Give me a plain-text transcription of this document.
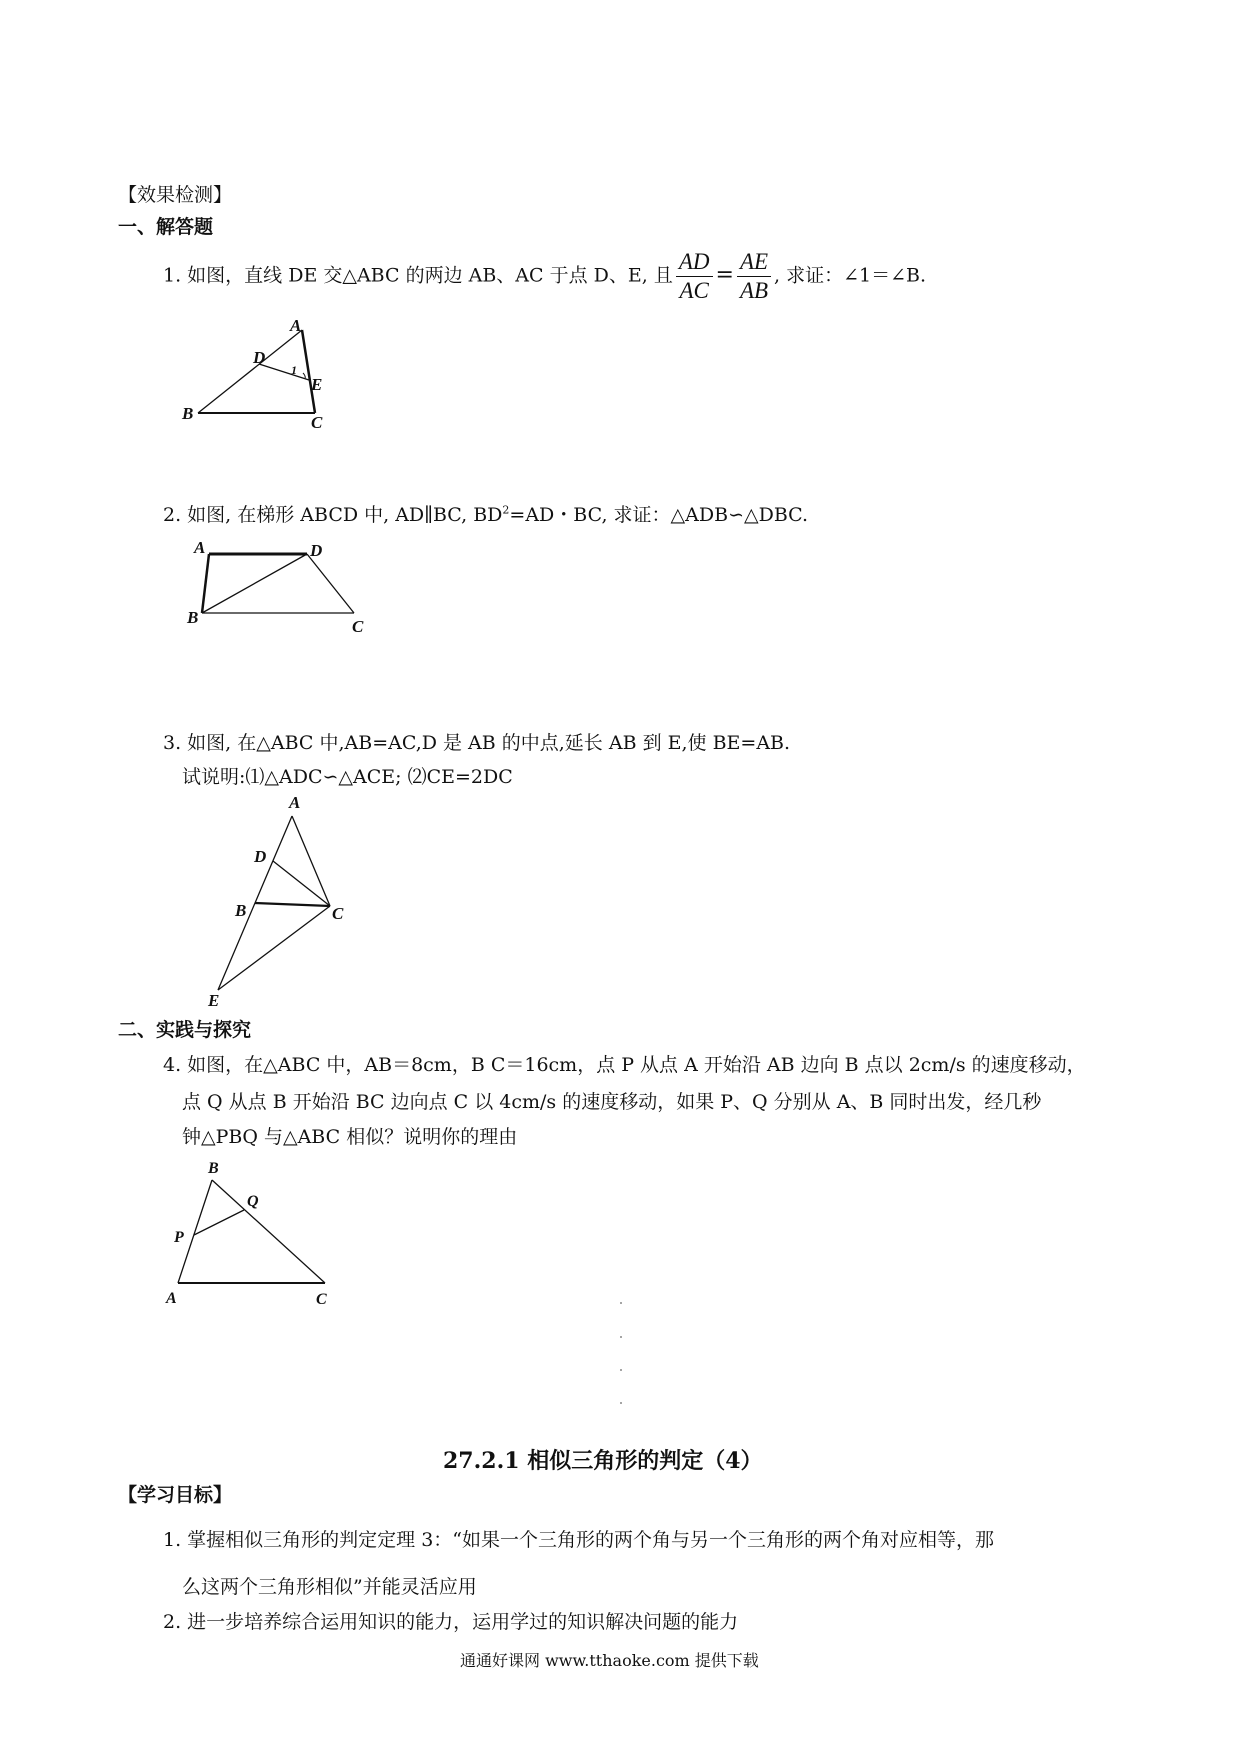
【效果检测】
一、解答题
1. 如图，直线 DE 交△ABC 的两边 AB、AC 于点 D、E, 且 $\frac{AD}{AC} = \frac{AE}{AB}$ , 求证：∠1＝∠B.
1
A
D
E
B	C
2. 如图, 在梯形 ABCD 中, AD∥BC, $BD^2=AD$・BC, 求证：△ADB∽△DBC.
A	D
B	C
3. 如图, 在△ABC 中,AB=AC,D 是 AB 的中点,延长 AB 到 E,使 BE=AB.
试说明:⑴△ADC∽△ACE; ⑵CE=2DC
A
D
B	C
E
二、实践与探究
4. 如图，在△ABC 中，AB＝8cm，B C＝16cm，点 P 从点 A 开始沿 AB 边向 B 点以 2cm/s 的速度移动，
点 Q 从点 B 开始沿 BC 边向点 C 以 4cm/s 的速度移动，如果 P、Q 分别从 A、B 同时出发，经几秒
钟△PBQ 与△ABC 相似？说明你的理由
B
Q
P
A	C
27.2.1 相似三角形的判定（4）
【学习目标】
1. 掌握相似三角形的判定定理 3：“如果一个三角形的两个角与另一个三角形的两个角对应相等，那
么这两个三角形相似”并能灵活应用
2. 进一步培养综合运用知识的能力，运用学过的知识解决问题的能力
通通好课网 www.tthaoke.com 提供下载
